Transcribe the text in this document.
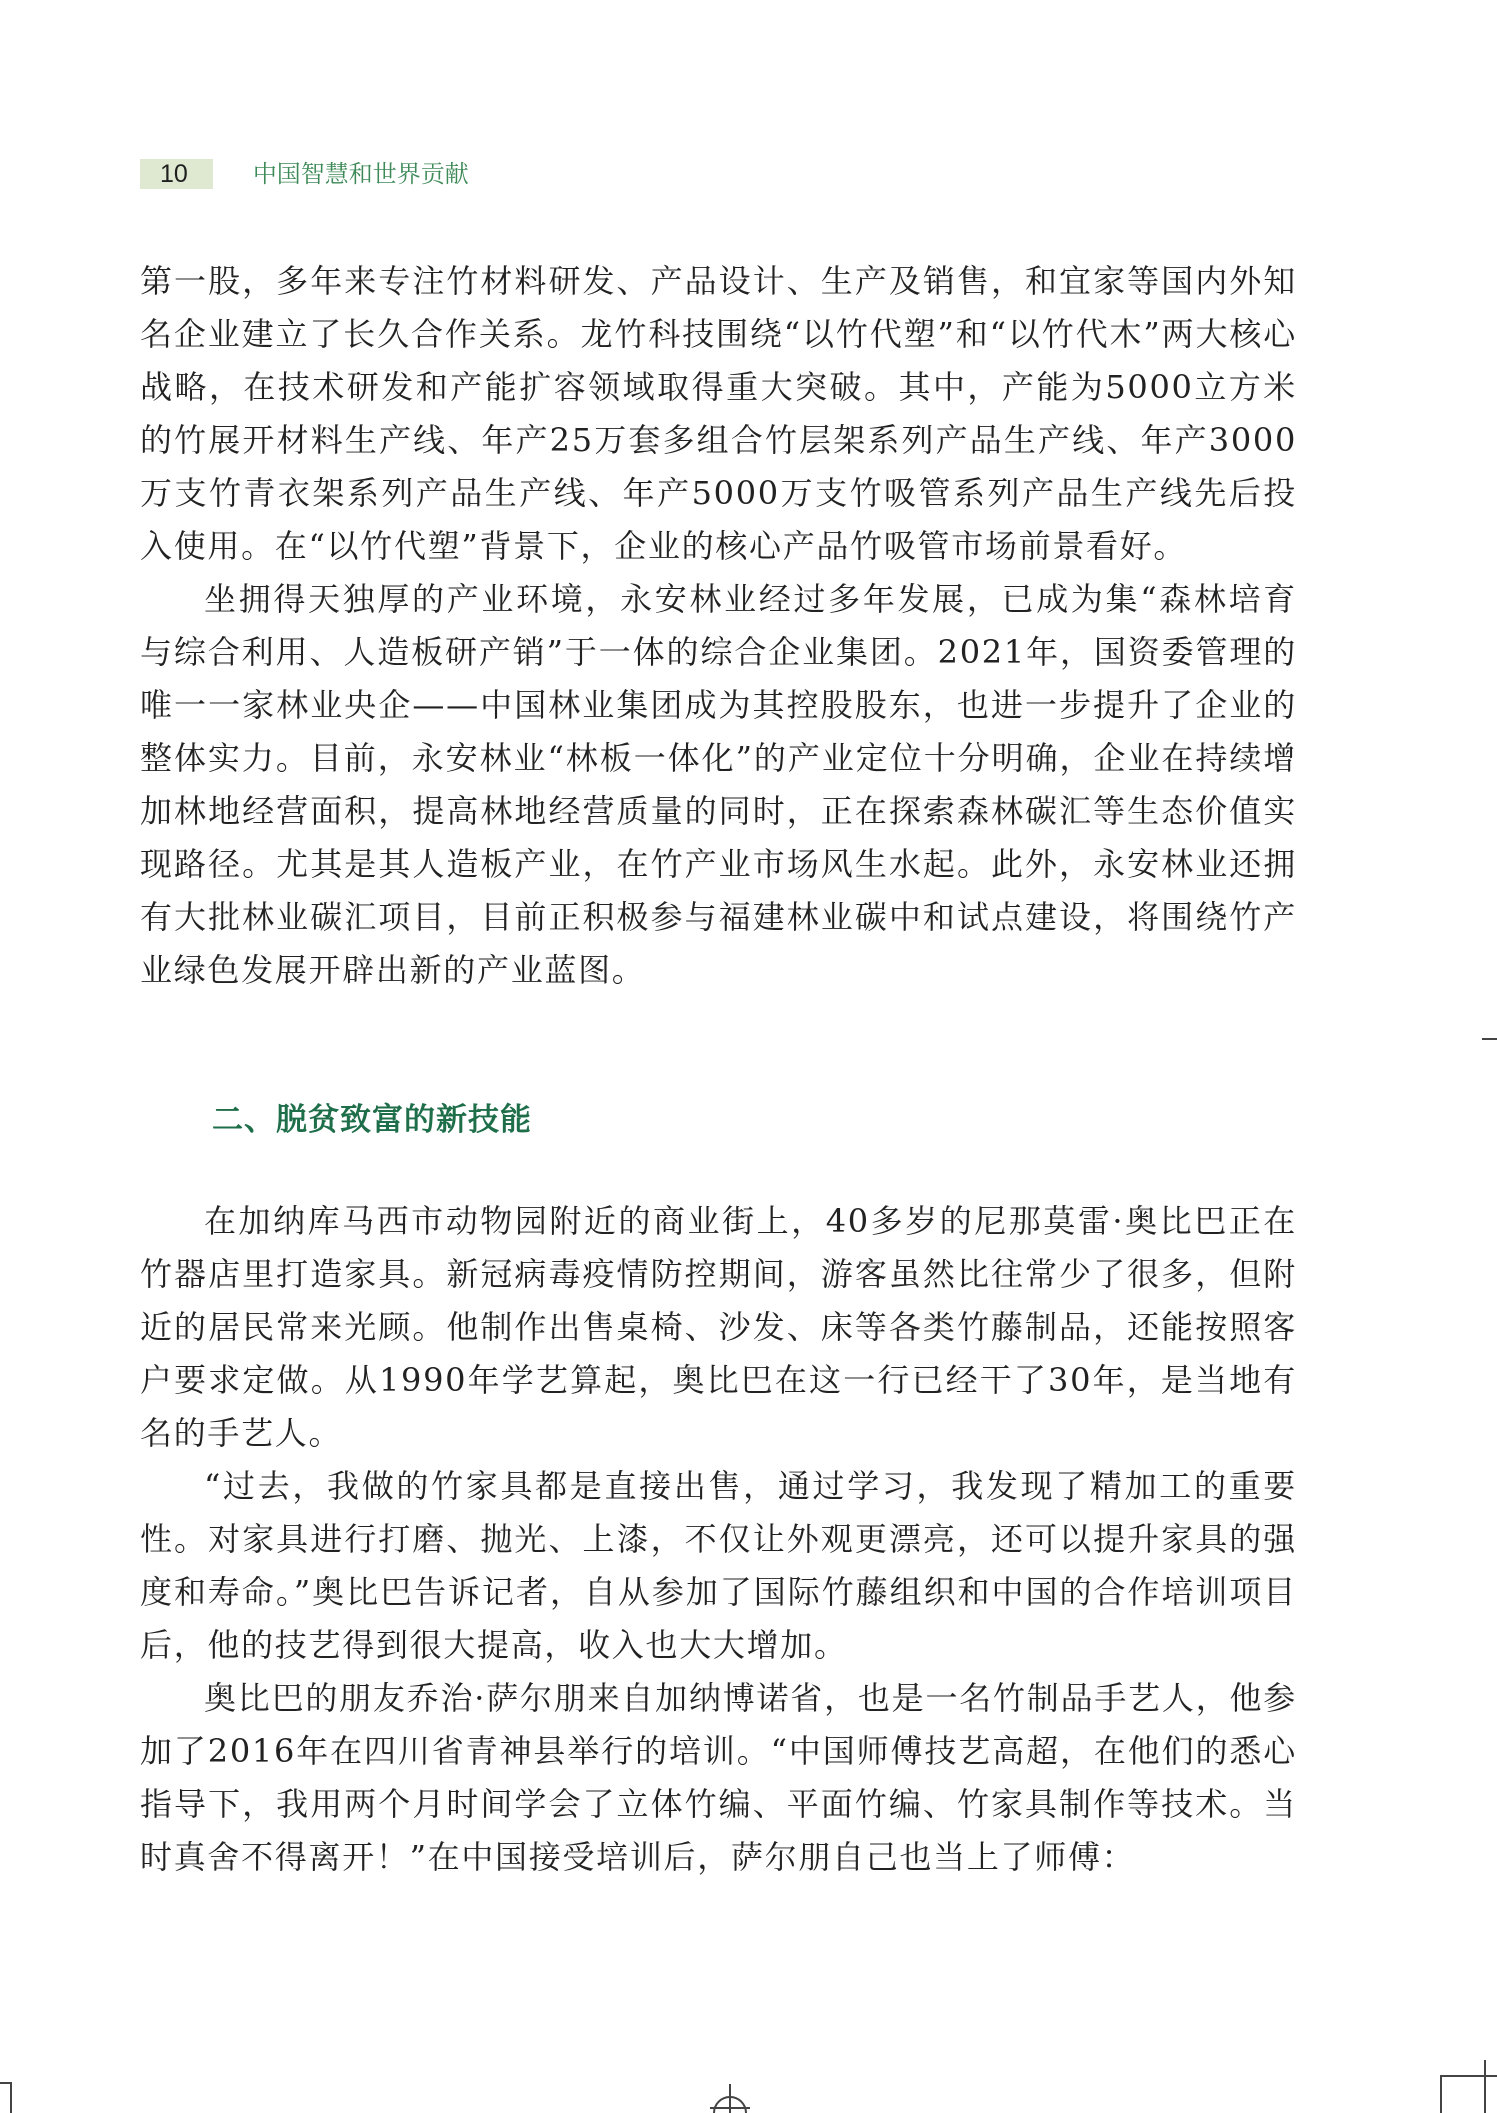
10	中国智慧和世界贡献

第一股，多年来专注竹材料研发、产品设计、生产及销售，和宜家等国内外知名企业建立了长久合作关系。龙竹科技围绕“以竹代塑”和“以竹代木”两大核心战略，在技术研发和产能扩容领域取得重大突破。其中，产能为5000立方米的竹展开材料生产线、年产25万套多组合竹层架系列产品生产线、年产3000万支竹青衣架系列产品生产线、年产5000万支竹吸管系列产品生产线先后投入使用。在“以竹代塑”背景下，企业的核心产品竹吸管市场前景看好。

坐拥得天独厚的产业环境，永安林业经过多年发展，已成为集“森林培育与综合利用、人造板研产销”于一体的综合企业集团。2021年，国资委管理的唯一一家林业央企——中国林业集团成为其控股股东，也进一步提升了企业的整体实力。目前，永安林业“林板一体化”的产业定位十分明确，企业在持续增加林地经营面积，提高林地经营质量的同时，正在探索森林碳汇等生态价值实现路径。尤其是其人造板产业，在竹产业市场风生水起。此外，永安林业还拥有大批林业碳汇项目，目前正积极参与福建林业碳中和试点建设，将围绕竹产业绿色发展开辟出新的产业蓝图。

二、脱贫致富的新技能

在加纳库马西市动物园附近的商业街上，40多岁的尼那莫雷·奥比巴正在竹器店里打造家具。新冠病毒疫情防控期间，游客虽然比往常少了很多，但附近的居民常来光顾。他制作出售桌椅、沙发、床等各类竹藤制品，还能按照客户要求定做。从1990年学艺算起，奥比巴在这一行已经干了30年，是当地有名的手艺人。

“过去，我做的竹家具都是直接出售，通过学习，我发现了精加工的重要性。对家具进行打磨、抛光、上漆，不仅让外观更漂亮，还可以提升家具的强度和寿命。”奥比巴告诉记者，自从参加了国际竹藤组织和中国的合作培训项目后，他的技艺得到很大提高，收入也大大增加。

奥比巴的朋友乔治·萨尔朋来自加纳博诺省，也是一名竹制品手艺人，他参加了2016年在四川省青神县举行的培训。“中国师傅技艺高超，在他们的悉心指导下，我用两个月时间学会了立体竹编、平面竹编、竹家具制作等技术。当时真舍不得离开！”在中国接受培训后，萨尔朋自己也当上了师傅：
